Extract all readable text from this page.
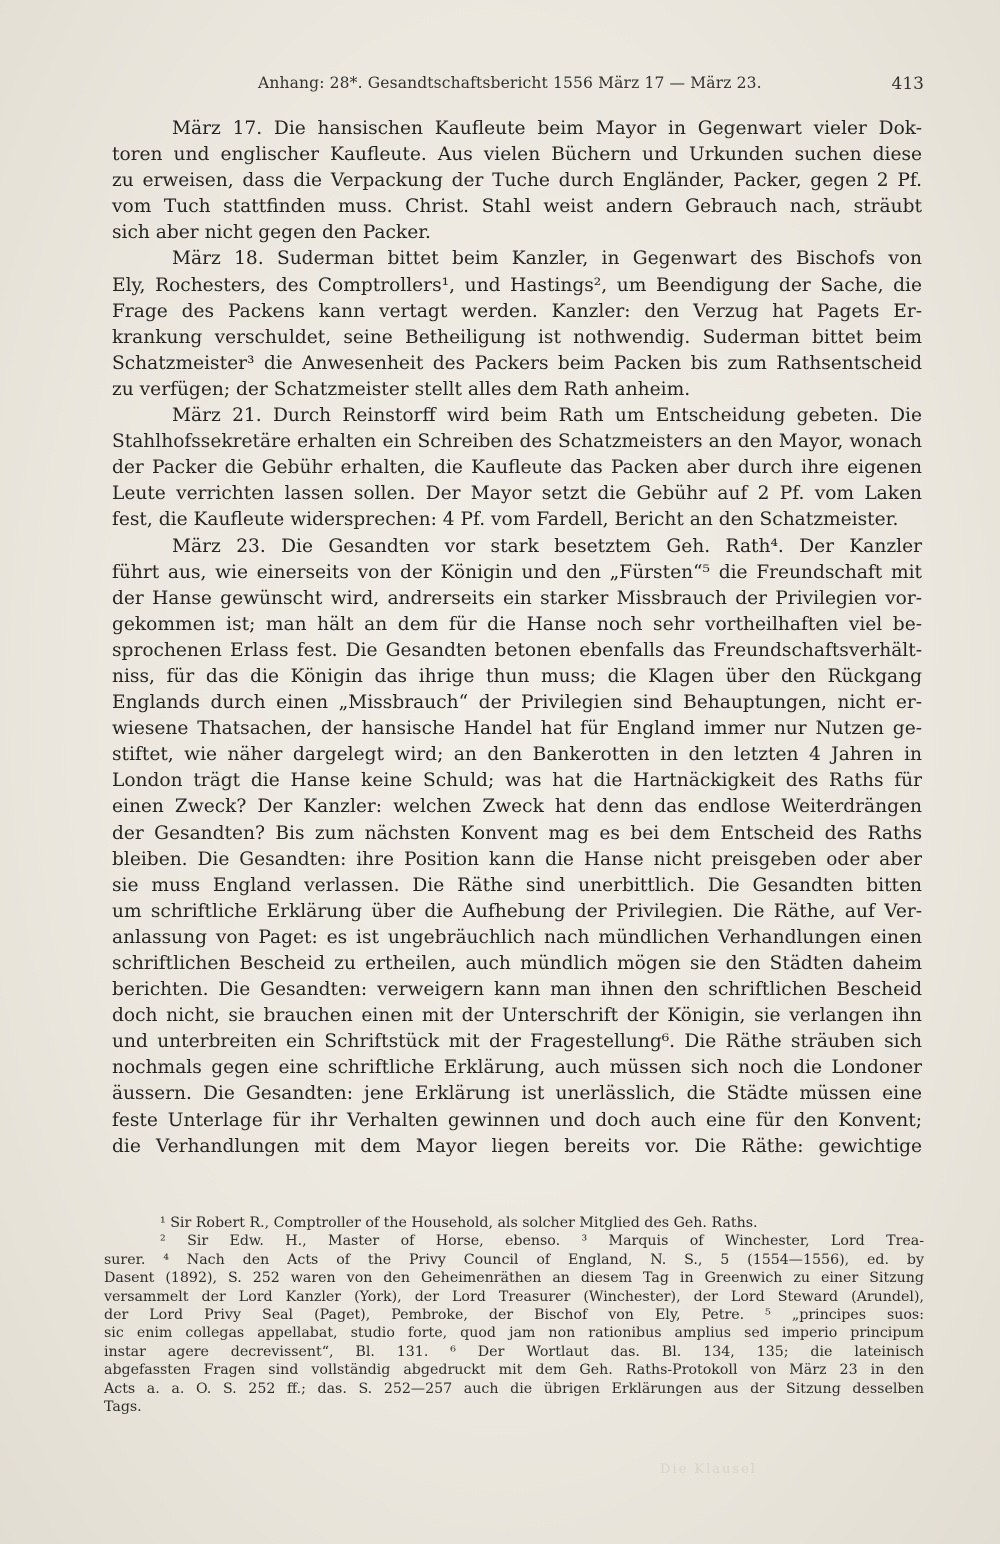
Anhang: 28*. Gesandtschaftsbericht 1556 März 17 — März 23.	413
März 17. Die hansischen Kaufleute beim Mayor in Gegenwart vieler Dok-
toren und englischer Kaufleute. Aus vielen Büchern und Urkunden suchen diese
zu erweisen, dass die Verpackung der Tuche durch Engländer, Packer, gegen 2 Pf.
vom Tuch stattfinden muss. Christ. Stahl weist andern Gebrauch nach, sträubt
sich aber nicht gegen den Packer.
März 18. Suderman bittet beim Kanzler, in Gegenwart des Bischofs von
Ely, Rochesters, des Comptrollers¹, und Hastings², um Beendigung der Sache, die
Frage des Packens kann vertagt werden. Kanzler: den Verzug hat Pagets Er-
krankung verschuldet, seine Betheiligung ist nothwendig. Suderman bittet beim
Schatzmeister³ die Anwesenheit des Packers beim Packen bis zum Rathsentscheid
zu verfügen; der Schatzmeister stellt alles dem Rath anheim.
März 21. Durch Reinstorff wird beim Rath um Entscheidung gebeten. Die
Stahlhofssekretäre erhalten ein Schreiben des Schatzmeisters an den Mayor, wonach
der Packer die Gebühr erhalten, die Kaufleute das Packen aber durch ihre eigenen
Leute verrichten lassen sollen. Der Mayor setzt die Gebühr auf 2 Pf. vom Laken
fest, die Kaufleute widersprechen: 4 Pf. vom Fardell, Bericht an den Schatzmeister.
März 23. Die Gesandten vor stark besetztem Geh. Rath⁴. Der Kanzler
führt aus, wie einerseits von der Königin und den „Fürsten“⁵ die Freundschaft mit
der Hanse gewünscht wird, andrerseits ein starker Missbrauch der Privilegien vor-
gekommen ist; man hält an dem für die Hanse noch sehr vortheilhaften viel be-
sprochenen Erlass fest. Die Gesandten betonen ebenfalls das Freundschaftsverhält-
niss, für das die Königin das ihrige thun muss; die Klagen über den Rückgang
Englands durch einen „Missbrauch“ der Privilegien sind Behauptungen, nicht er-
wiesene Thatsachen, der hansische Handel hat für England immer nur Nutzen ge-
stiftet, wie näher dargelegt wird; an den Bankerotten in den letzten 4 Jahren in
London trägt die Hanse keine Schuld; was hat die Hartnäckigkeit des Raths für
einen Zweck? Der Kanzler: welchen Zweck hat denn das endlose Weiterdrängen
der Gesandten? Bis zum nächsten Konvent mag es bei dem Entscheid des Raths
bleiben. Die Gesandten: ihre Position kann die Hanse nicht preisgeben oder aber
sie muss England verlassen. Die Räthe sind unerbittlich. Die Gesandten bitten
um schriftliche Erklärung über die Aufhebung der Privilegien. Die Räthe, auf Ver-
anlassung von Paget: es ist ungebräuchlich nach mündlichen Verhandlungen einen
schriftlichen Bescheid zu ertheilen, auch mündlich mögen sie den Städten daheim
berichten. Die Gesandten: verweigern kann man ihnen den schriftlichen Bescheid
doch nicht, sie brauchen einen mit der Unterschrift der Königin, sie verlangen ihn
und unterbreiten ein Schriftstück mit der Fragestellung⁶. Die Räthe sträuben sich
nochmals gegen eine schriftliche Erklärung, auch müssen sich noch die Londoner
äussern. Die Gesandten: jene Erklärung ist unerlässlich, die Städte müssen eine
feste Unterlage für ihr Verhalten gewinnen und doch auch eine für den Konvent;
die Verhandlungen mit dem Mayor liegen bereits vor. Die Räthe: gewichtige
¹ Sir Robert R., Comptroller of the Household, als solcher Mitglied des Geh. Raths.
² Sir Edw. H., Master of Horse, ebenso. ³ Marquis of Winchester, Lord Trea-
surer. ⁴ Nach den Acts of the Privy Council of England, N. S., 5 (1554—1556), ed. by
Dasent (1892), S. 252 waren von den Geheimenräthen an diesem Tag in Greenwich zu einer Sitzung
versammelt der Lord Kanzler (York), der Lord Treasurer (Winchester), der Lord Steward (Arundel),
der Lord Privy Seal (Paget), Pembroke, der Bischof von Ely, Petre. ⁵ „principes suos:
sic enim collegas appellabat, studio forte, quod jam non rationibus amplius sed imperio principum
instar agere decrevissent“, Bl. 131. ⁶ Der Wortlaut das. Bl. 134, 135; die lateinisch
abgefassten Fragen sind vollständig abgedruckt mit dem Geh. Raths-Protokoll von März 23 in den
Acts a. a. O. S. 252 ff.; das. S. 252—257 auch die übrigen Erklärungen aus der Sitzung desselben
Tags.
Die Klausel
